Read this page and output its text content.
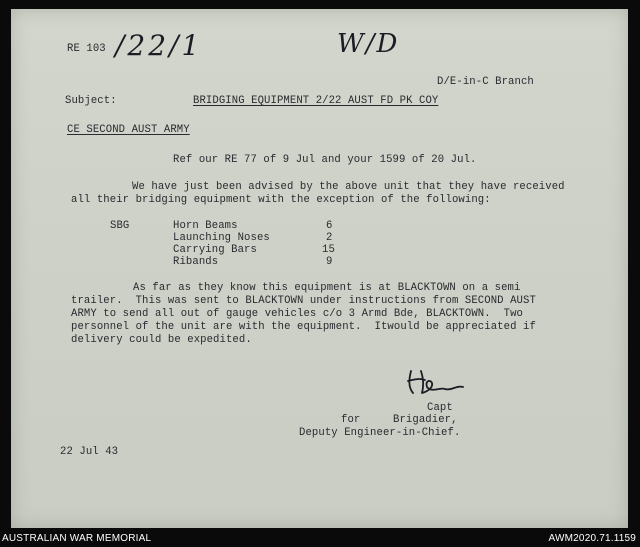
RE 103 /22/1	W/D
D/E-in-C Branch
Subject:	BRIDGING EQUIPMENT 2/22 AUST FD PK COY
CE SECOND AUST ARMY
Ref our RE 77 of 9 Jul and your 1599 of 20 Jul.
We have just been advised by the above unit that they have received
all their bridging equipment with the exception of the following:
SBG	Horn Beams	6
Launching Noses	2
Carrying Bars	15
Ribands	9
As far as they know this equipment is at BLACKTOWN on a semi
trailer.  This was sent to BLACKTOWN under instructions from SECOND AUST
ARMY to send all out of gauge vehicles c/o 3 Armd Bde, BLACKTOWN.  Two
personnel of the unit are with the equipment.  Itwould be appreciated if
delivery could be expedited.
Capt
for	Brigadier,
Deputy Engineer-in-Chief.
22 Jul 43
AUSTRALIAN WAR MEMORIAL	AWM2020.71.1159
